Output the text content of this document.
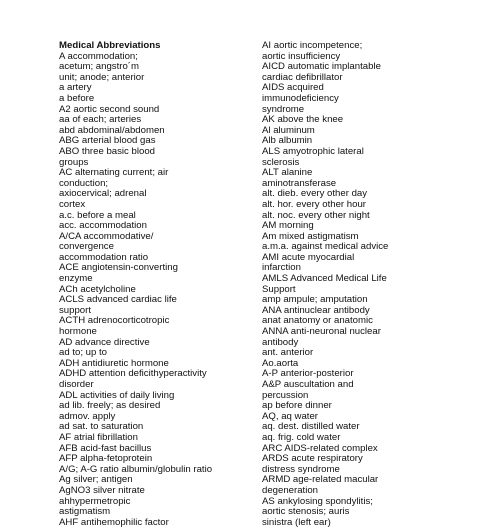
Medical Abbreviations
A accommodation;
acetum; angstro´m
unit; anode; anterior
a artery
a before
A2 aortic second sound
aa of each; arteries
abd abdominal/abdomen
ABG arterial blood gas
ABO three basic blood
groups
AC alternating current; air
conduction;
axiocervical; adrenal
cortex
a.c. before a meal
acc. accommodation
A/CA accommodative/
convergence
accommodation ratio
ACE angiotensin-converting
enzyme
ACh acetylcholine
ACLS advanced cardiac life
support
ACTH adrenocorticotropic
hormone
AD advance directive
ad to; up to
ADH antidiuretic hormone
ADHD attention deficithyperactivity
disorder
ADL activities of daily living
ad lib. freely; as desired
admov. apply
ad sat. to saturation
AF atrial fibrillation
AFB acid-fast bacillus
AFP alpha-fetoprotein
A/G; A-G ratio albumin/globulin ratio
Ag silver; antigen
AgNO3 silver nitrate
ahhypermetropic
astigmatism
AHF antihemophilic factor
AI aortic incompetence;
aortic insufficiency
AICD automatic implantable
cardiac defibrillator
AIDS acquired
immunodeficiency
syndrome
AK above the knee
Al aluminum
Alb albumin
ALS amyotrophic lateral
sclerosis
ALT alanine
aminotransferase
alt. dieb. every other day
alt. hor. every other hour
alt. noc. every other night
AM morning
Am mixed astigmatism
a.m.a. against medical advice
AMI acute myocardial
infarction
AMLS Advanced Medical Life
Support
amp ampule; amputation
ANA antinuclear antibody
anat anatomy or anatomic
ANNA anti-neuronal nuclear
antibody
ant. anterior
Ao.aorta
A-P anterior-posterior
A&P auscultation and
percussion
ap before dinner
AQ, aq water
aq. dest. distilled water
aq. frig. cold water
ARC AIDS-related complex
ARDS acute respiratory
distress syndrome
ARMD age-related macular
degeneration
AS ankylosing spondylitis;
aortic stenosis; auris
sinistra (left ear)
